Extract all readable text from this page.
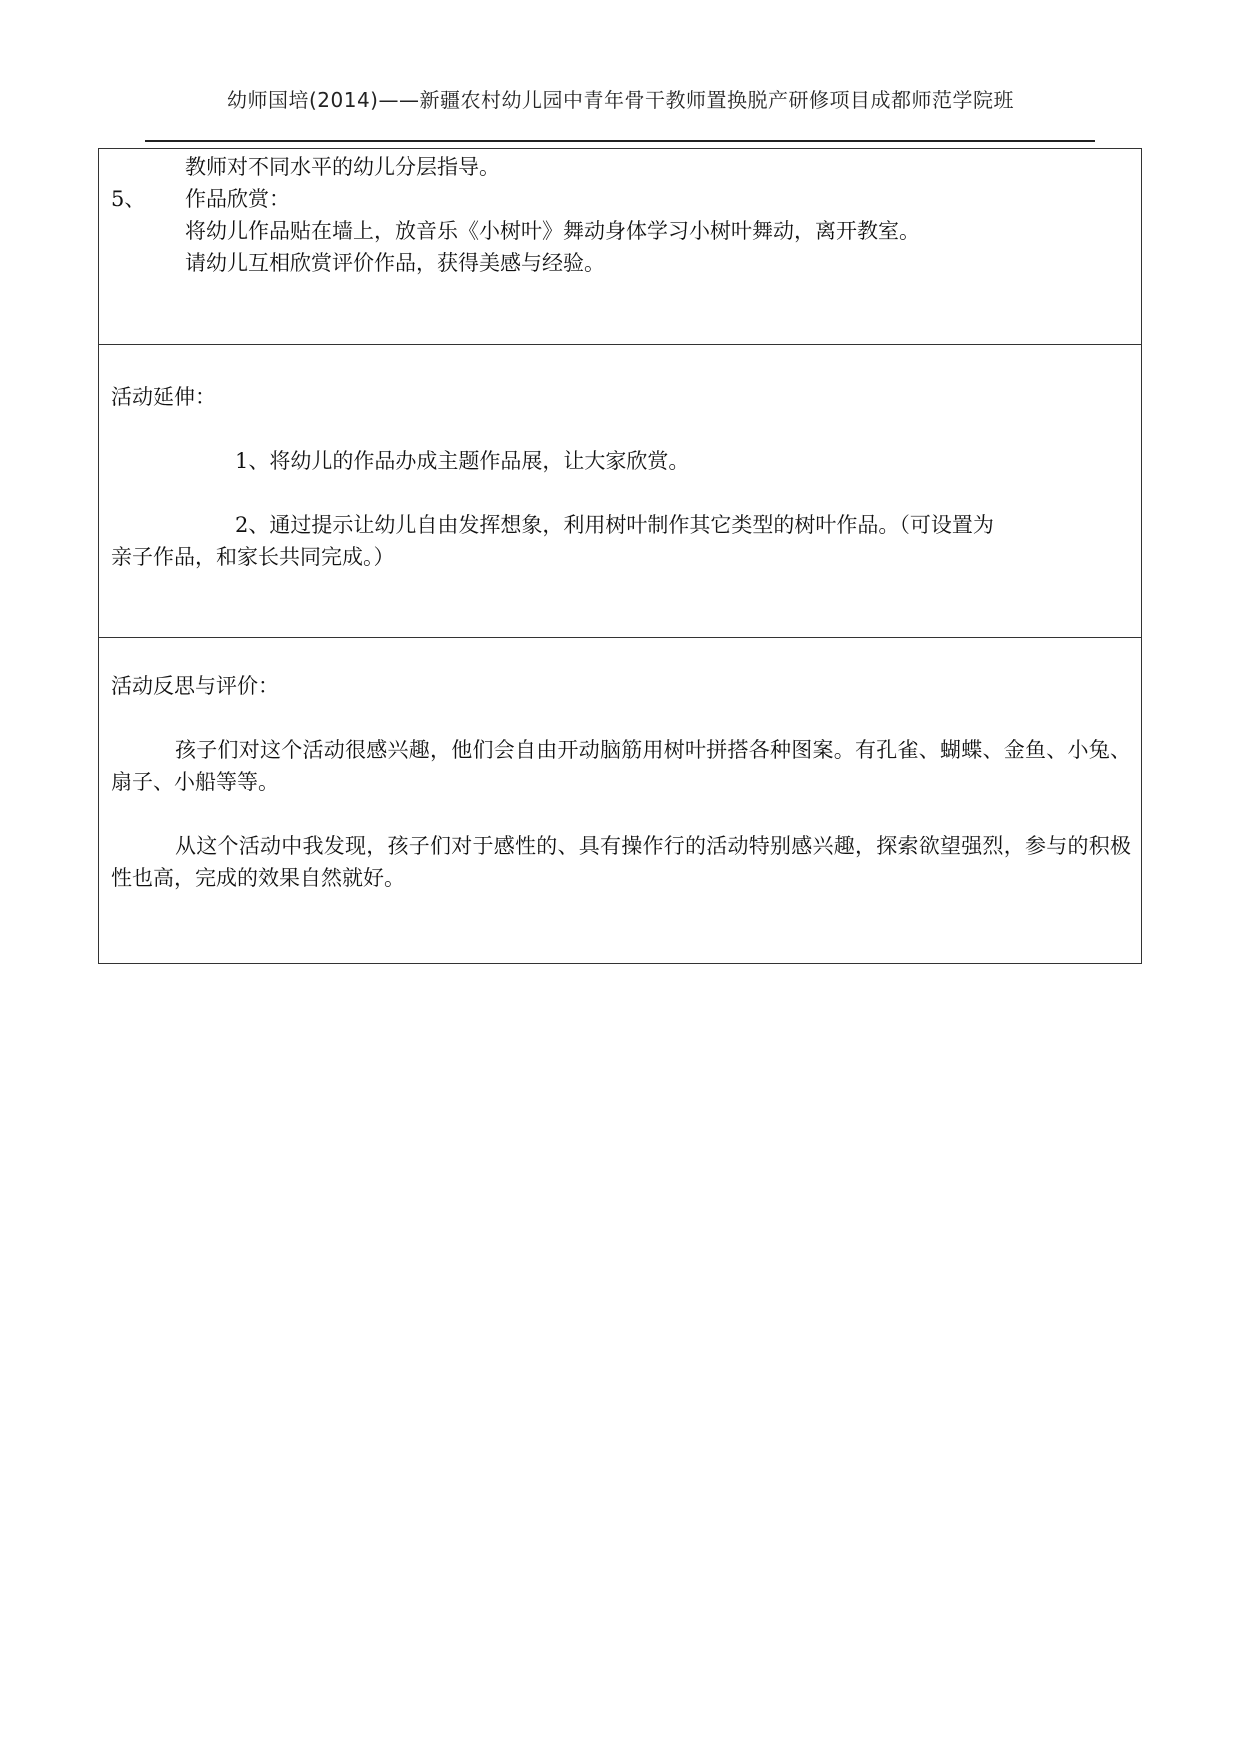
幼师国培(2014)——新疆农村幼儿园中青年骨干教师置换脱产研修项目成都师范学院班
教师对不同水平的幼儿分层指导。
5、 作品欣赏：
将幼儿作品贴在墙上，放音乐《小树叶》舞动身体学习小树叶舞动，离开教室。
请幼儿互相欣赏评价作品，获得美感与经验。
活动延伸：
1、将幼儿的作品办成主题作品展，让大家欣赏。
2、通过提示让幼儿自由发挥想象，利用树叶制作其它类型的树叶作品。（可设置为
亲子作品，和家长共同完成。）
活动反思与评价：
孩子们对这个活动很感兴趣，他们会自由开动脑筋用树叶拼搭各种图案。有孔雀、蝴蝶、金鱼、小兔、扇子、小船等等。
从这个活动中我发现，孩子们对于感性的、具有操作行的活动特别感兴趣，探索欲望强烈，参与的积极性也高，完成的效果自然就好。
